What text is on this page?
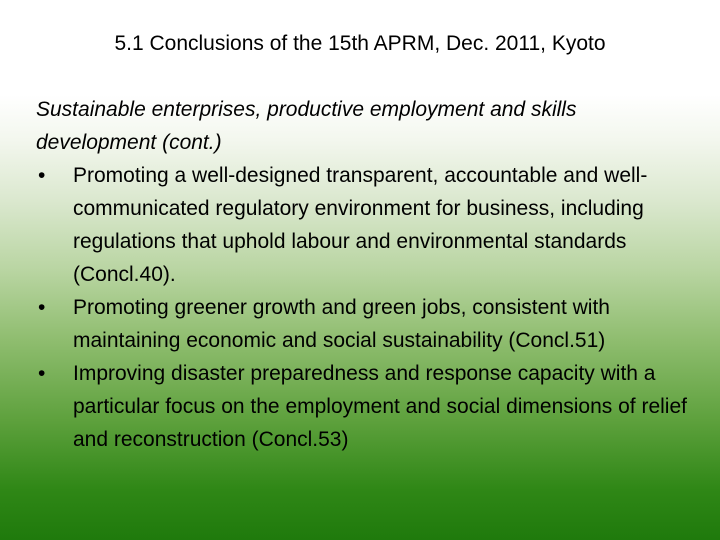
5.1 Conclusions of the 15th APRM, Dec. 2011, Kyoto

Sustainable enterprises, productive employment and skills development (cont.)

•	Promoting a well-designed transparent, accountable and well-communicated regulatory environment for business, including regulations that uphold labour and environmental standards (Concl.40).
•	Promoting greener growth and green jobs, consistent with maintaining economic and social sustainability (Concl.51)
•	Improving disaster preparedness and response capacity with a particular focus on the employment and social dimensions of relief and reconstruction (Concl.53)
